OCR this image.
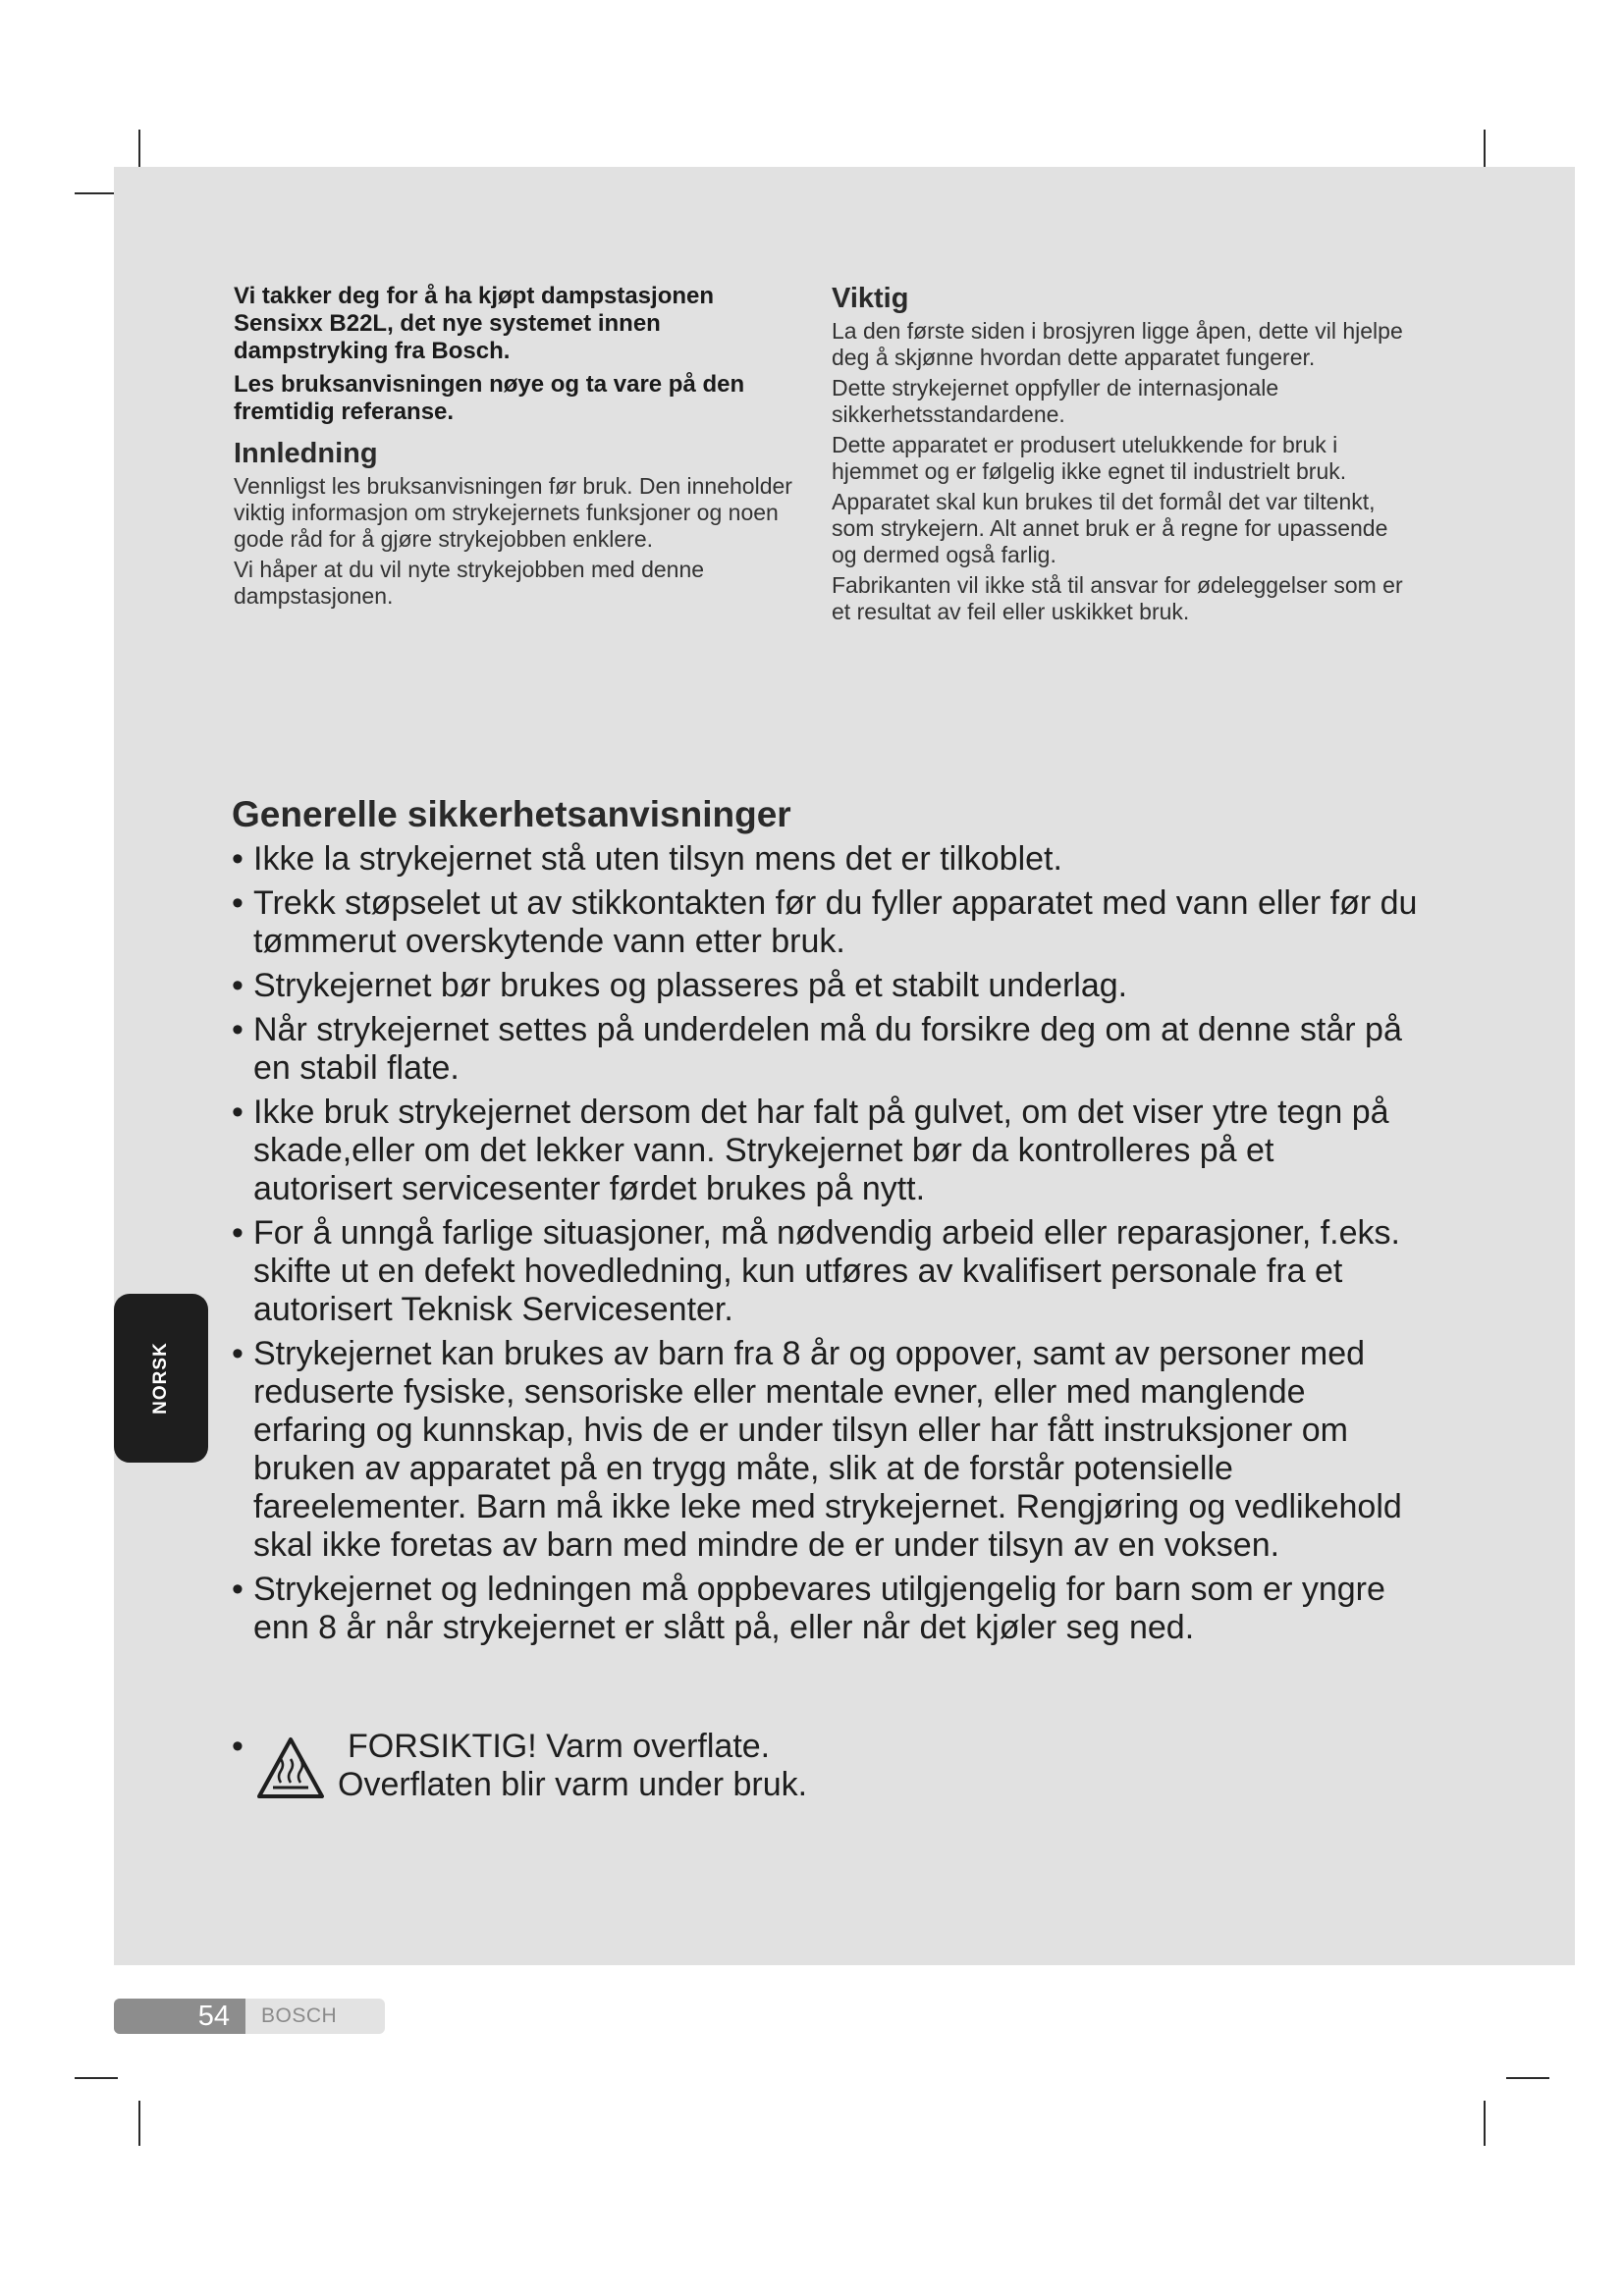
Vi takker deg for å ha kjøpt dampstasjonen Sensixx B22L, det nye systemet innen dampstryking fra Bosch.

Les bruksanvisningen nøye og ta vare på den fremtidig referanse.

Innledning

Vennligst les bruksanvisningen før bruk. Den inneholder viktig informasjon om strykejernets funksjoner og noen gode råd for å gjøre strykejobben enklere.

Vi håper at du vil nyte strykejobben med denne dampstasjonen.

Viktig

La den første siden i brosjyren ligge åpen, dette vil hjelpe deg å skjønne hvordan dette apparatet fungerer.

Dette strykejernet oppfyller de internasjonale sikkerhetsstandardene.

Dette apparatet er produsert utelukkende for bruk i hjemmet og er følgelig ikke egnet til industrielt bruk.

Apparatet skal kun brukes til det formål det var tiltenkt, som strykejern. Alt annet bruk er å regne for upassende og dermed også farlig.

Fabrikanten vil ikke stå til ansvar for ødeleggelser som er et resultat av feil eller uskikket bruk.

Generelle sikkerhetsanvisninger
• Ikke la strykejernet stå uten tilsyn mens det er tilkoblet.
• Trekk støpselet ut av stikkontakten før du fyller apparatet med vann eller før du tømmerut overskytende vann etter bruk.
• Strykejernet bør brukes og plasseres på et stabilt underlag.
• Når strykejernet settes på underdelen må du forsikre deg om at denne står på en stabil flate.
• Ikke bruk strykejernet dersom det har falt på gulvet, om det viser ytre tegn på skade,eller om det lekker vann. Strykejernet bør da kontrolleres på et autorisert servicesenter førdet brukes på nytt.
• For å unngå farlige situasjoner, må nødvendig arbeid eller reparasjoner, f.eks. skifte ut en defekt hovedledning, kun utføres av kvalifisert personale fra et autorisert Teknisk Servicesenter.
• Strykejernet kan brukes av barn fra 8 år og oppover, samt av personer med reduserte fysiske, sensoriske eller mentale evner, eller med manglende erfaring og kunnskap, hvis de er under tilsyn eller har fått instruksjoner om bruken av apparatet på en trygg måte, slik at de forstår potensielle fareelementer. Barn må ikke leke med strykejernet. Rengjøring og vedlikehold skal ikke foretas av barn med mindre de er under tilsyn av en voksen.
• Strykejernet og ledningen må oppbevares utilgjengelig for barn som er yngre enn 8 år når strykejernet er slått på, eller når det kjøler seg ned.
•	FORSIKTIG! Varm overflate.
Overflaten blir varm under bruk.
NORSK
54 BOSCH
